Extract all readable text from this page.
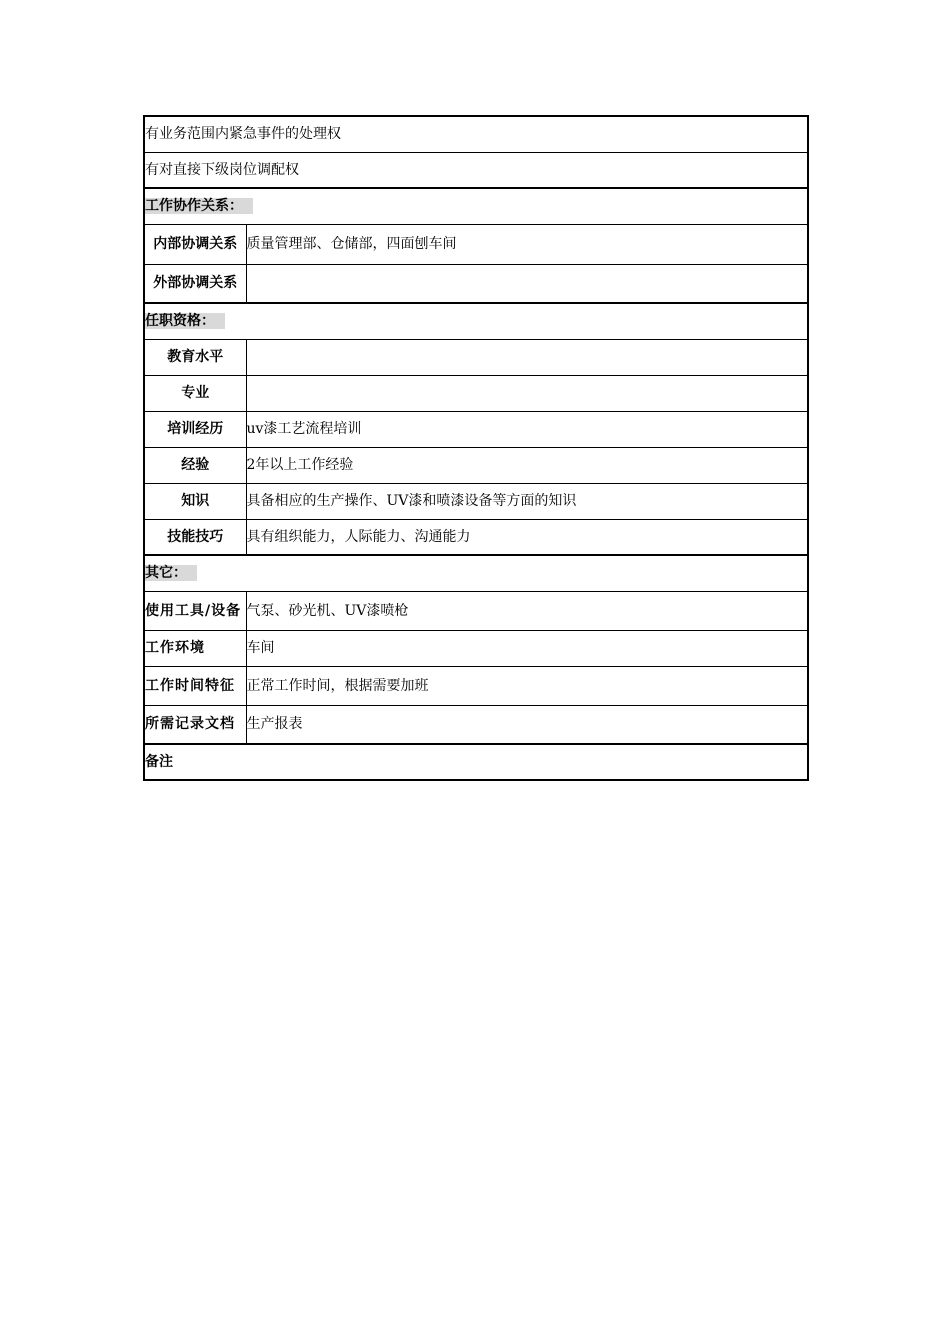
有业务范围内紧急事件的处理权	
有对直接下级岗位调配权	
工作协作关系：	

内部协调关系	质量管理部、仓储部，四面刨车间

外部协调关系	

任职资格：	
教育水平	
专业	
培训经历	uv漆工艺流程培训
经验	2年以上工作经验
知识	具备相应的生产操作、UV漆和喷漆设备等方面的知识
技能技巧	具有组织能力，人际能力、沟通能力
其它：	
使用工具/设备	气泵、砂光机、UV漆喷枪
工作环境	车间
工作时间特征	正常工作时间，根据需要加班
所需记录文档	生产报表
备注	
